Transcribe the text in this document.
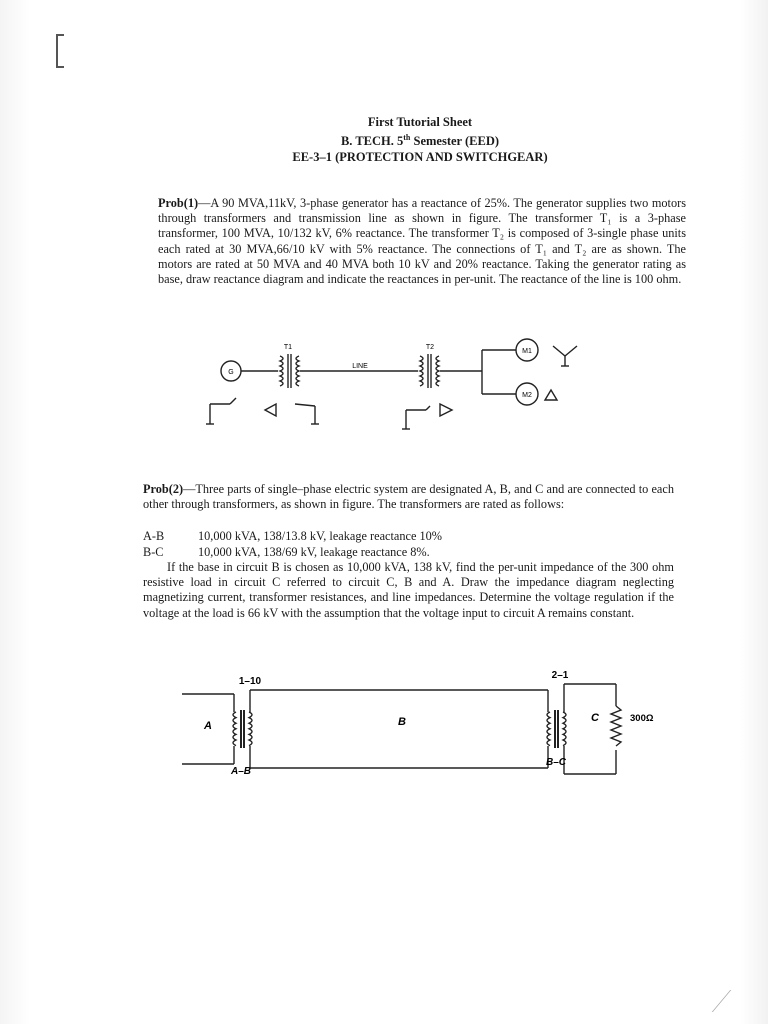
First Tutorial Sheet
B. TECH. 5th Semester (EED)
EE-3–1 (PROTECTION AND SWITCHGEAR)
Prob(1)—A 90 MVA,11kV, 3-phase generator has a reactance of 25%. The generator supplies two motors through transformers and transmission line as shown in figure. The transformer T₁ is a 3-phase transformer, 100 MVA, 10/132 kV, 6% reactance. The transformer T₂ is composed of 3-single phase units each rated at 30 MVA,66/10 kV with 5% reactance. The connections of T₁ and T₂ are as shown. The motors are rated at 50 MVA and 40 MVA both 10 kV and 20% reactance. Taking the generator rating as base, draw reactance diagram and indicate the reactances in per-unit. The reactance of the line is 100 ohm.
G
T1	T2
LINE
M1
M2
Prob(2)—Three parts of single–phase electric system are designated A, B, and C and are connected to each other through transformers, as shown in figure. The transformers are rated as follows:
A-B	10,000 kVA, 138/13.8 kV, leakage reactance 10%
B-C	10,000 kVA, 138/69 kV, leakage reactance 8%.
If the base in circuit B is chosen as 10,000 kVA, 138 kV, find the per-unit impedance of the 300 ohm resistive load in circuit C referred to circuit C, B and A. Draw the impedance diagram neglecting magnetizing current, transformer resistances, and line impedances. Determine the voltage regulation if the voltage at the load is 66 kV with the assumption that the voltage input to circuit A remains constant.
1–10
2–1
A	B	C	300Ω
A–B
B–C
